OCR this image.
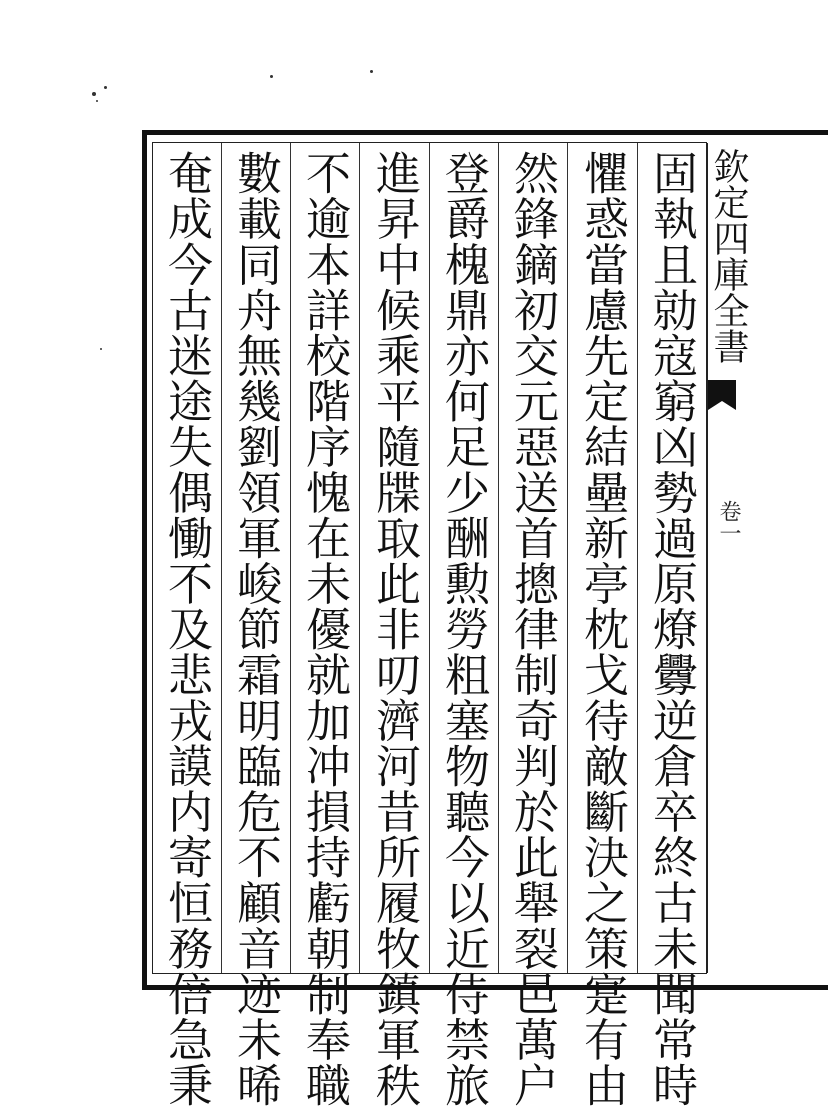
固執且勍寇窮凶勢過原燎釁逆倉卒終古未聞常時
懼惑當慮先定結壘新亭枕戈待敵斷決之策寔有由
然鋒鏑初交元惡送首摠律制奇判於此舉裂邑萬户
登爵槐鼎亦何足少酬勲勞粗塞物聽今以近侍禁旅
進昇中候乘平隨牒取此非叨濟河昔所履牧鎮軍秩
不逾本詳校階序愧在未優就加冲損持虧朝制奉職
數載同舟無幾劉領軍峻節霜明臨危不顧音迹未晞
奄成今古迷途失偶慟不及悲戎謨内寄恒務倍急秉	欽定四庫全書
卷一
